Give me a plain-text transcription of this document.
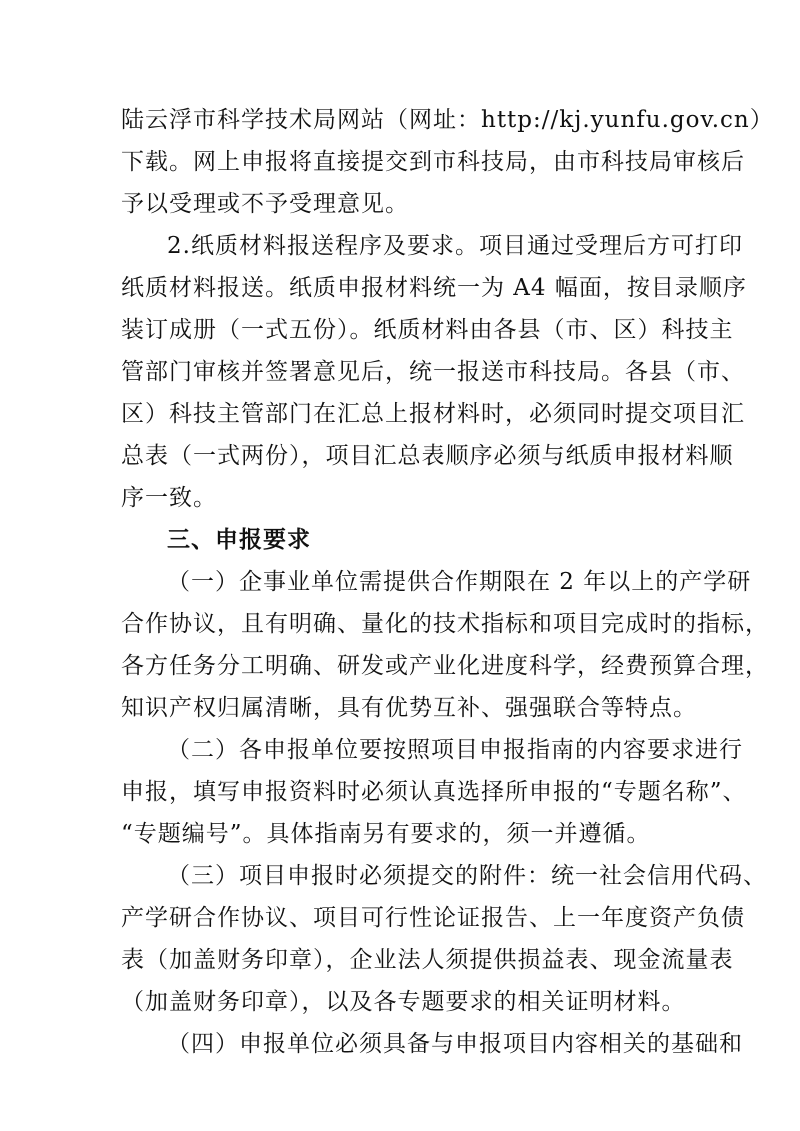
陆云浮市科学技术局网站（网址：http://kj.yunfu.gov.cn）
下载。网上申报将直接提交到市科技局，由市科技局审核后
予以受理或不予受理意见。
2.纸质材料报送程序及要求。项目通过受理后方可打印
纸质材料报送。纸质申报材料统一为 A4 幅面，按目录顺序
装订成册（一式五份）。纸质材料由各县（市、区）科技主
管部门审核并签署意见后，统一报送市科技局。各县（市、
区）科技主管部门在汇总上报材料时，必须同时提交项目汇
总表（一式两份），项目汇总表顺序必须与纸质申报材料顺
序一致。
三、申报要求
（一）企事业单位需提供合作期限在 2 年以上的产学研
合作协议，且有明确、量化的技术指标和项目完成时的指标，
各方任务分工明确、研发或产业化进度科学，经费预算合理，
知识产权归属清晰，具有优势互补、强强联合等特点。
（二）各申报单位要按照项目申报指南的内容要求进行
申报，填写申报资料时必须认真选择所申报的“专题名称”、
“专题编号”。具体指南另有要求的，须一并遵循。
（三）项目申报时必须提交的附件：统一社会信用代码、
产学研合作协议、项目可行性论证报告、上一年度资产负债
表（加盖财务印章），企业法人须提供损益表、现金流量表
（加盖财务印章），以及各专题要求的相关证明材料。
（四）申报单位必须具备与申报项目内容相关的基础和
